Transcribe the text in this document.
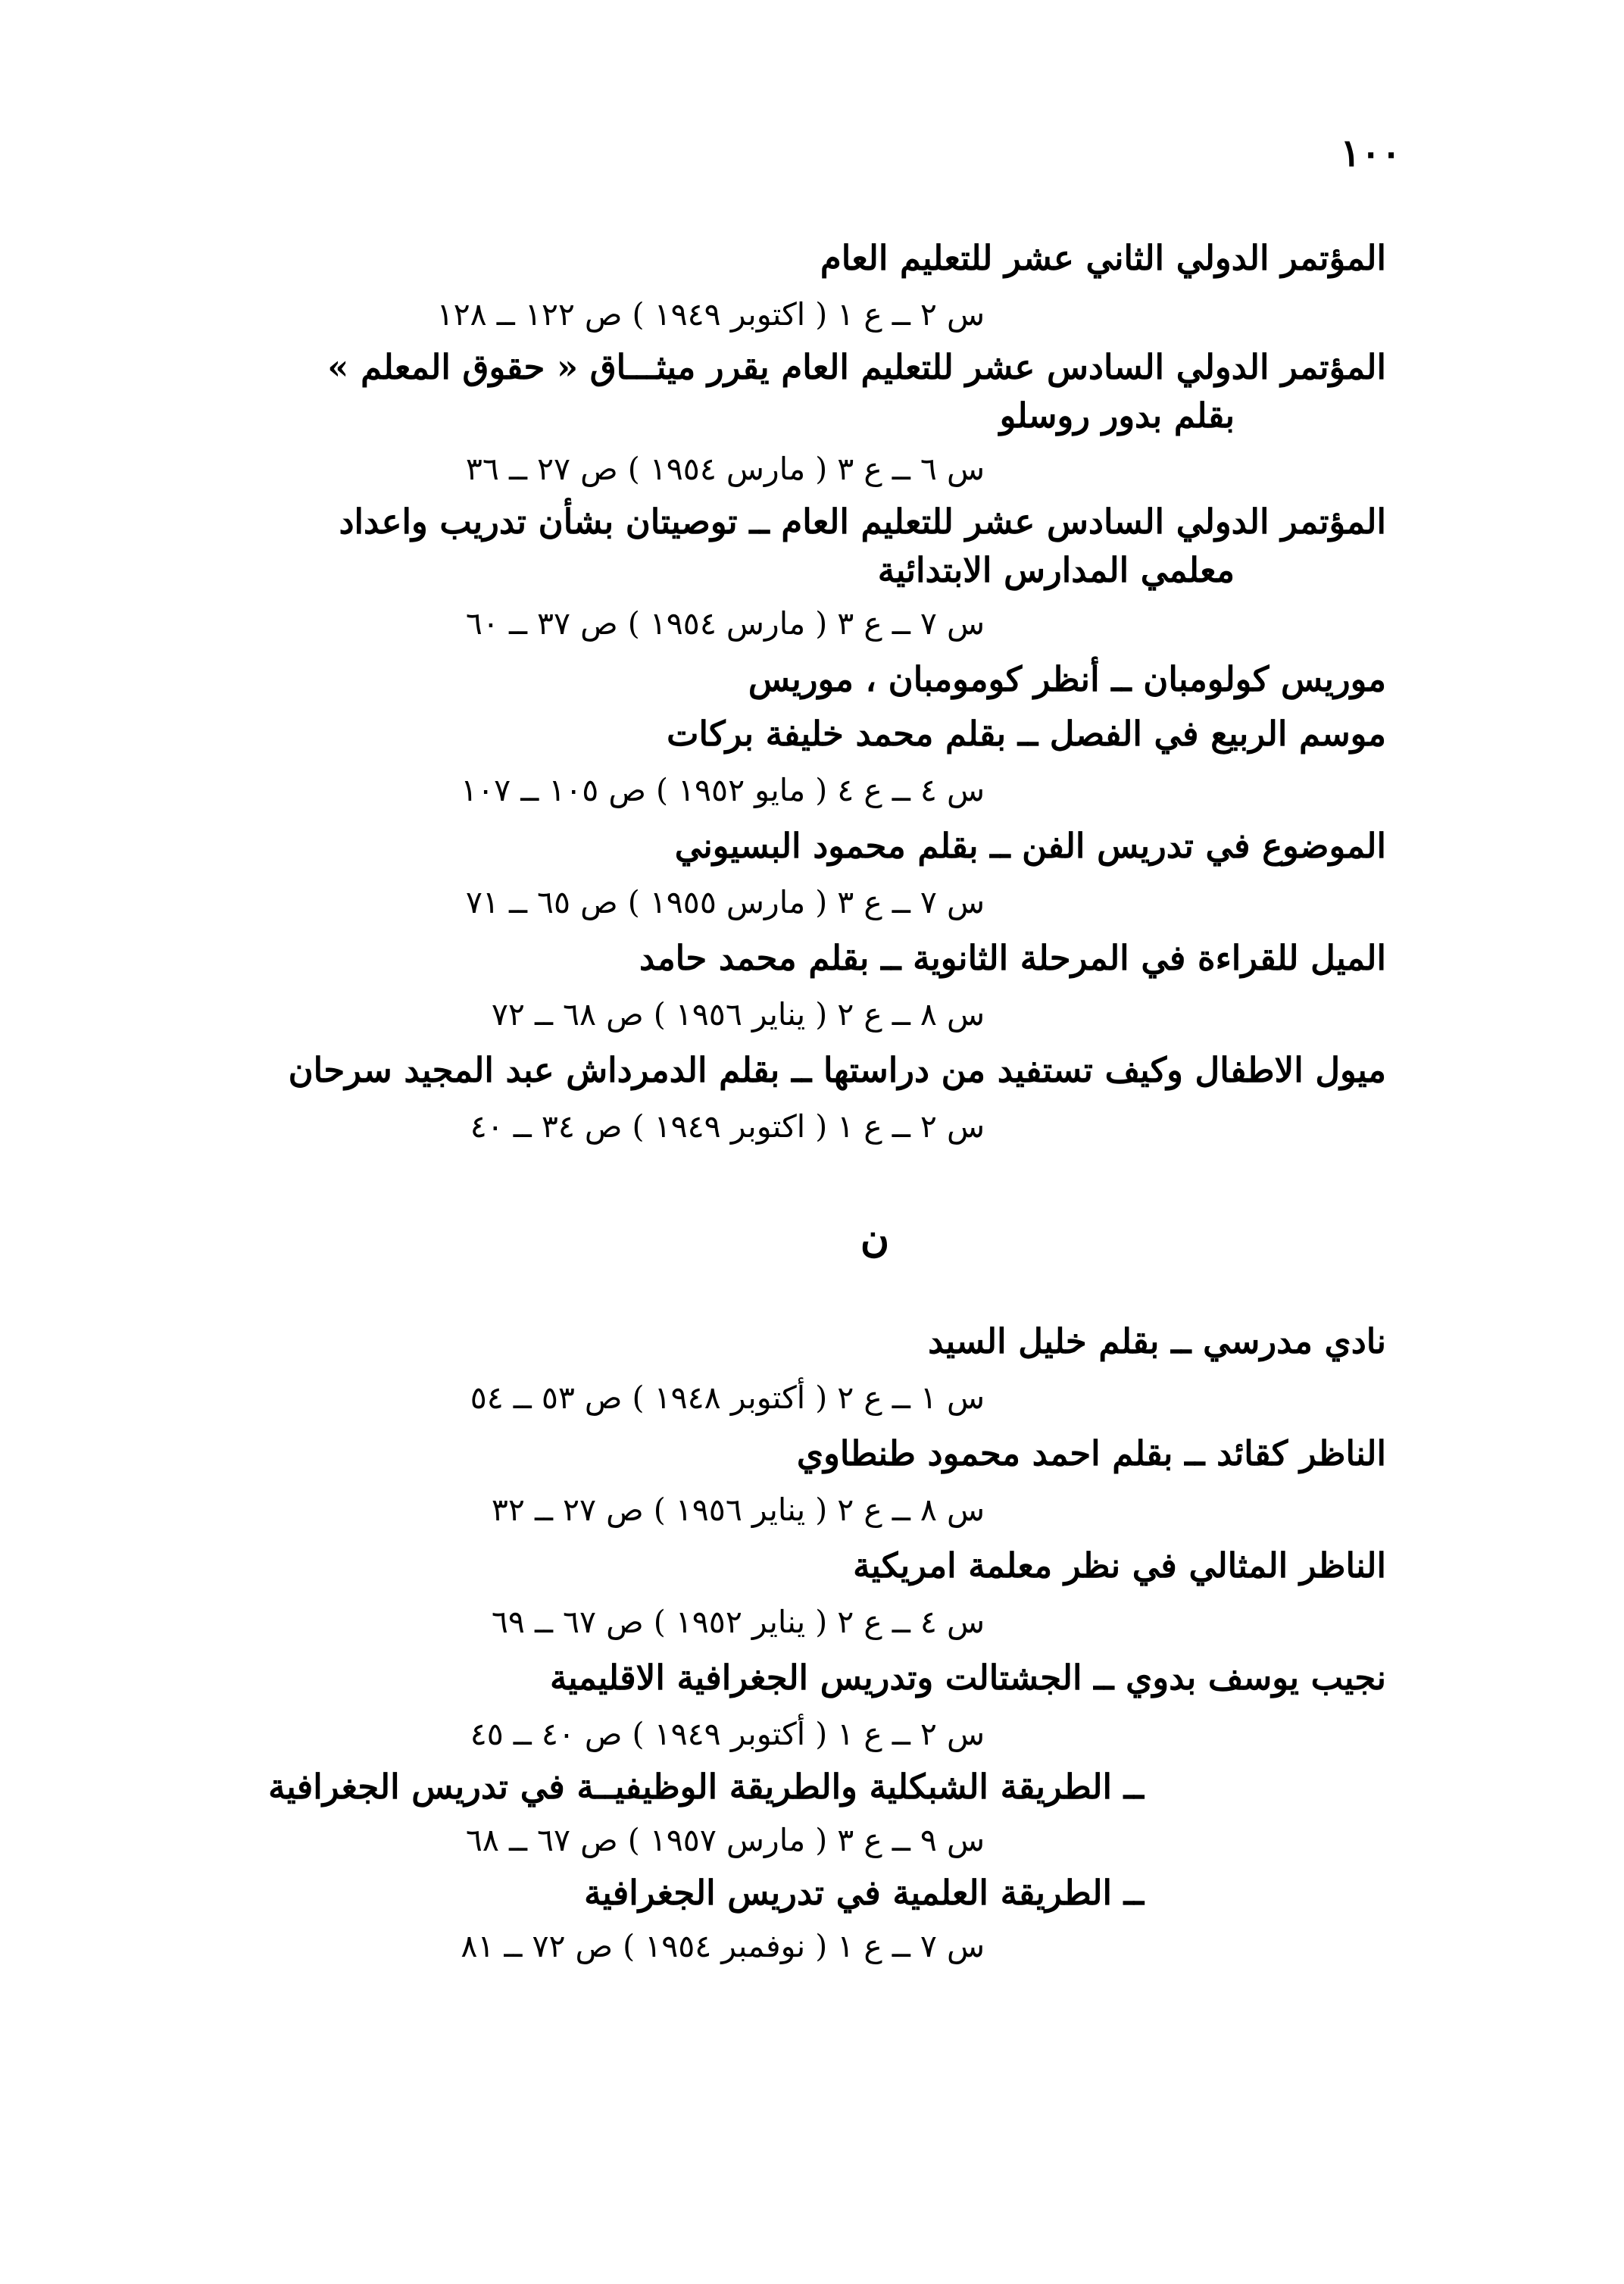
١٠٠
المؤتمر الدولي الثاني عشر للتعليم العام
س ٢ ــ ع ١ ( اكتوبر ١٩٤٩ ) ص ١٢٢ ــ ١٢٨
المؤتمر الدولي السادس عشر للتعليم العام يقرر ميثـــاق « حقوق المعلم »
بقلم بدور روسلو
س ٦ ــ ع ٣ ( مارس ١٩٥٤ ) ص ٢٧ ــ ٣٦
المؤتمر الدولي السادس عشر للتعليم العام ــ توصيتان بشأن تدريب واعداد
معلمي المدارس الابتدائية
س ٧ ــ ع ٣ ( مارس ١٩٥٤ ) ص ٣٧ ــ ٦٠
موريس كولومبان ــ أنظر كومومبان ، موريس
موسم الربيع في الفصل ــ بقلم محمد خليفة بركات
س ٤ ــ ع ٤ ( مايو ١٩٥٢ ) ص ١٠٥ ــ ١٠٧
الموضوع في تدريس الفن ــ بقلم محمود البسيوني
س ٧ ــ ع ٣ ( مارس ١٩٥٥ ) ص ٦٥ ــ ٧١
الميل للقراءة في المرحلة الثانوية ــ بقلم محمد حامد
س ٨ ــ ع ٢ ( يناير ١٩٥٦ ) ص ٦٨ ــ ٧٢
ميول الاطفال وكيف تستفيد من دراستها ــ بقلم الدمرداش عبد المجيد سرحان
س ٢ ــ ع ١ ( اكتوبر ١٩٤٩ ) ص ٣٤ ــ ٤٠
ن
نادي مدرسي ــ بقلم خليل السيد
س ١ ــ ع ٢ ( أكتوبر ١٩٤٨ ) ص ٥٣ ــ ٥٤
الناظر كقائد ــ بقلم احمد محمود طنطاوي
س ٨ ــ ع ٢ ( يناير ١٩٥٦ ) ص ٢٧ ــ ٣٢
الناظر المثالي في نظر معلمة امريكية
س ٤ ــ ع ٢ ( يناير ١٩٥٢ ) ص ٦٧ ــ ٦٩
نجيب يوسف بدوي ــ الجشتالت وتدريس الجغرافية الاقليمية
س ٢ ــ ع ١ ( أكتوبر ١٩٤٩ ) ص ٤٠ ــ ٤٥
ــ الطريقة الشبكلية والطريقة الوظيفيــة في تدريس الجغرافية
س ٩ ــ ع ٣ ( مارس ١٩٥٧ ) ص ٦٧ ــ ٦٨
ــ الطريقة العلمية في تدريس الجغرافية
س ٧ ــ ع ١ ( نوفمبر ١٩٥٤ ) ص ٧٢ ــ ٨١
